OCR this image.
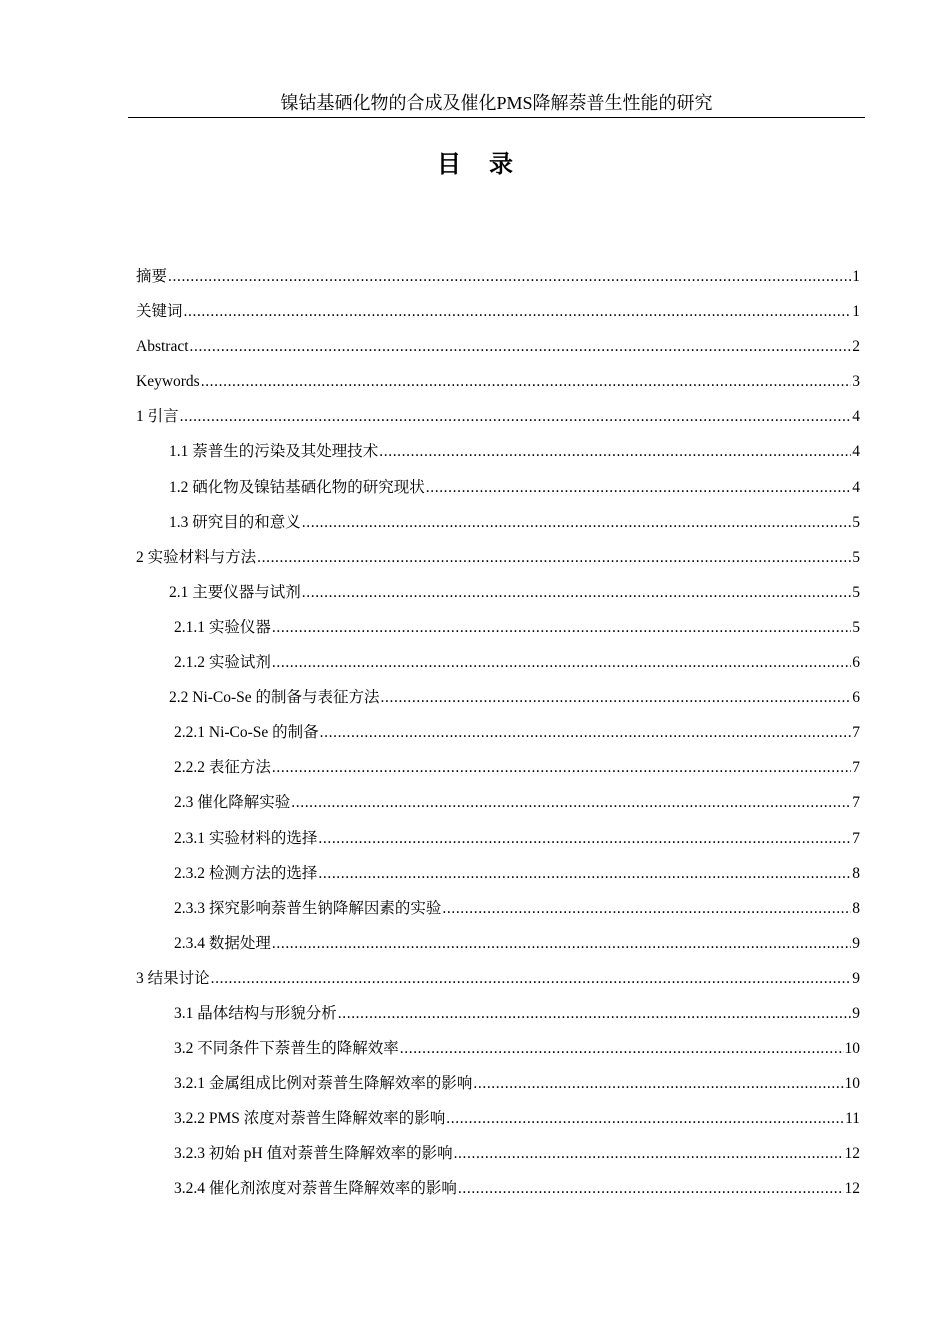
镍钴基硒化物的合成及催化PMS降解萘普生性能的研究
目录
摘要 .....	1
关键词 .....	1
Abstract .....	2
Keywords .....	3
1 引言 .....	4
1.1 萘普生的污染及其处理技术 .....	4
1.2 硒化物及镍钴基硒化物的研究现状 .....	4
1.3 研究目的和意义 .....	5
2 实验材料与方法 .....	5
2.1 主要仪器与试剂 .....	5
2.1.1 实验仪器 .....	5
2.1.2 实验试剂 .....	6
2.2 Ni-Co-Se 的制备与表征方法 .....	6
2.2.1 Ni-Co-Se 的制备 .....	7
2.2.2 表征方法 .....	7
2.3 催化降解实验 .....	7
2.3.1 实验材料的选择 .....	7
2.3.2 检测方法的选择 .....	8
2.3.3 探究影响萘普生钠降解因素的实验 .....	8
2.3.4 数据处理 .....	9
3 结果讨论 .....	9
3.1 晶体结构与形貌分析 .....	9
3.2 不同条件下萘普生的降解效率 .....	10
3.2.1 金属组成比例对萘普生降解效率的影响 .....	10
3.2.2 PMS 浓度对萘普生降解效率的影响 .....	11
3.2.3 初始 pH 值对萘普生降解效率的影响 .....	12
3.2.4 催化剂浓度对萘普生降解效率的影响 .....	12
